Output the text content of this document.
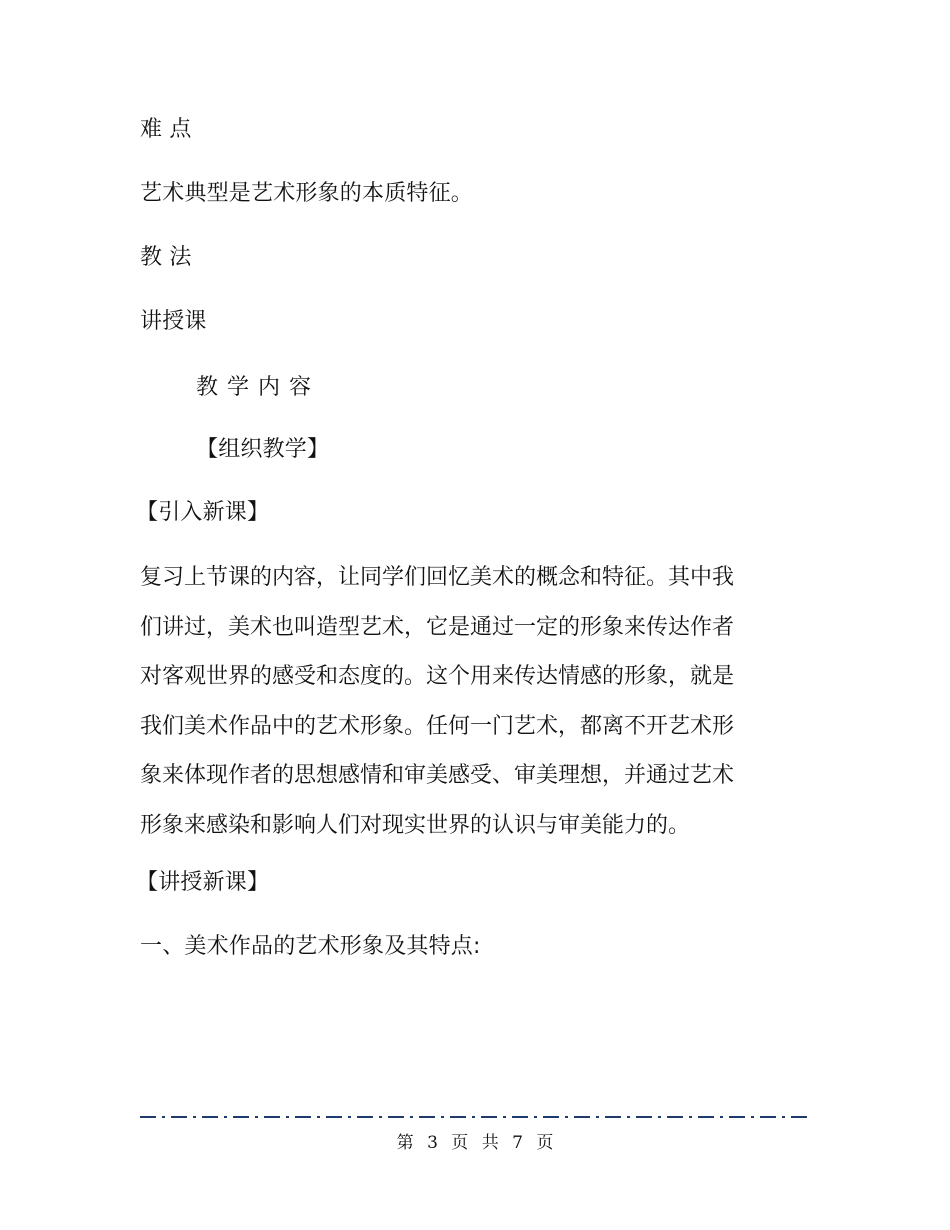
难 点
艺术典型是艺术形象的本质特征。
教 法
讲授课
教 学 内 容
【组织教学】
【引入新课】
复习上节课的内容，让同学们回忆美术的概念和特征。其中我
们讲过，美术也叫造型艺术，它是通过一定的形象来传达作者
对客观世界的感受和态度的。这个用来传达情感的形象，就是
我们美术作品中的艺术形象。任何一门艺术，都离不开艺术形
象来体现作者的思想感情和审美感受、审美理想，并通过艺术
形象来感染和影响人们对现实世界的认识与审美能力的。
【讲授新课】
一、美术作品的艺术形象及其特点:
第 3 页 共 7 页
